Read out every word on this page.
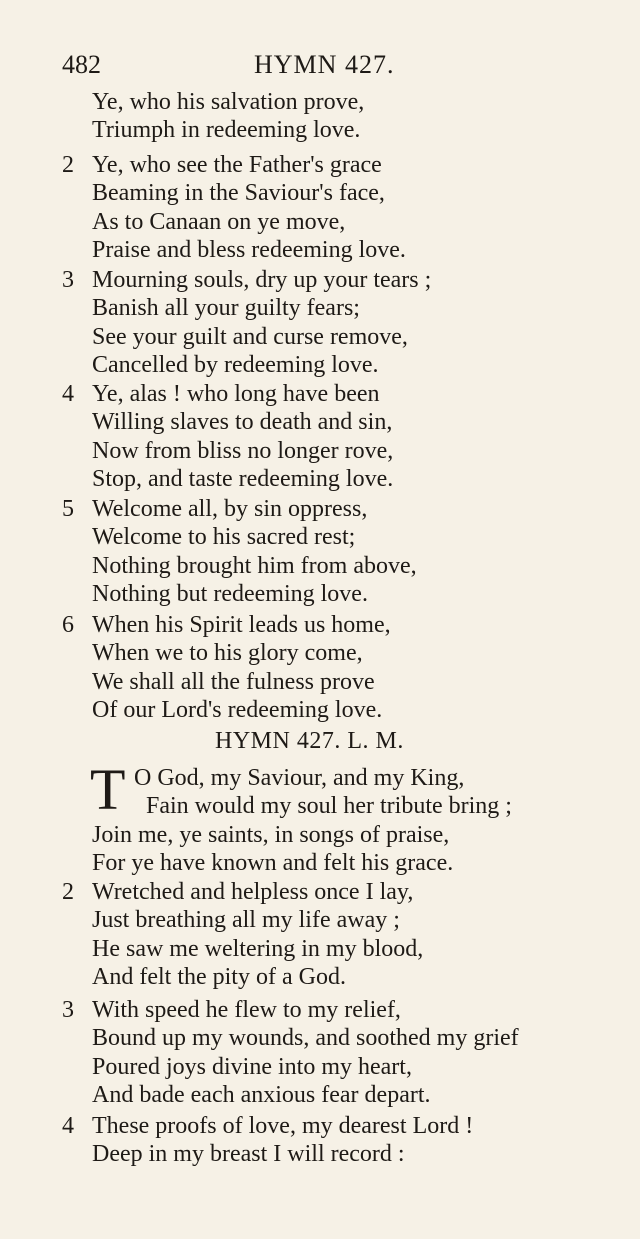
482	HYMN 427.
Ye, who his salvation prove,
Triumph in redeeming love.
2 Ye, who see the Father's grace
Beaming in the Saviour's face,
As to Canaan on ye move,
Praise and bless redeeming love.
3 Mourning souls, dry up your tears ;
Banish all your guilty fears;
See your guilt and curse remove,
Cancelled by redeeming love.
4 Ye, alas ! who long have been
Willing slaves to death and sin,
Now from bliss no longer rove,
Stop, and taste redeeming love.
5 Welcome all, by sin oppress,
Welcome to his sacred rest;
Nothing brought him from above,
Nothing but redeeming love.
6 When his Spirit leads us home,
When we to his glory come,
We shall all the fulness prove
Of our Lord's redeeming love.
HYMN 427. L. M.
T O God, my Saviour, and my King,
Fain would my soul her tribute bring ;
Join me, ye saints, in songs of praise,
For ye have known and felt his grace.
2 Wretched and helpless once I lay,
Just breathing all my life away ;
He saw me weltering in my blood,
And felt the pity of a God.
3 With speed he flew to my relief,
Bound up my wounds, and soothed my grief
Poured joys divine into my heart,
And bade each anxious fear depart.
4 These proofs of love, my dearest Lord !
Deep in my breast I will record :
